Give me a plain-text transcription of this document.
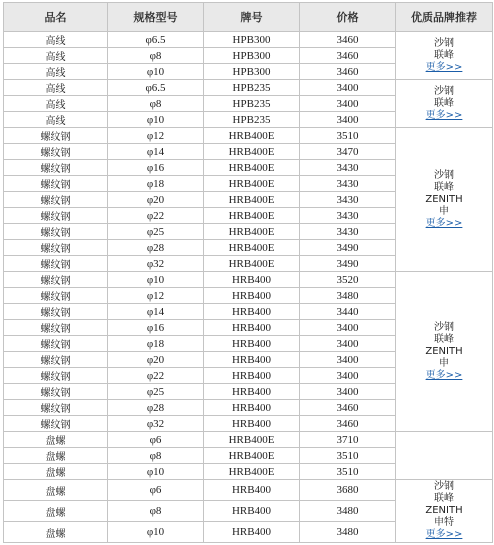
品名	规格型号	牌号	价格	优质品牌推荐
高线	φ6.5	HPB300	3460	沙钢
联峰
更多>>

高线	φ8	HPB300	3460	
高线	φ10	HPB300	3460	
高线	φ6.5	HPB235	3400	沙钢
联峰
更多>>

高线	φ8	HPB235	3400	
高线	φ10	HPB235	3400	
螺纹钢	φ12	HRB400E	3510	沙钢
联峰
ZENITH
申
更多>>

螺纹钢	φ14	HRB400E	3470	
螺纹钢	φ16	HRB400E	3430	
螺纹钢	φ18	HRB400E	3430	
螺纹钢	φ20	HRB400E	3430	
螺纹钢	φ22	HRB400E	3430	
螺纹钢	φ25	HRB400E	3430	
螺纹钢	φ28	HRB400E	3490	
螺纹钢	φ32	HRB400E	3490	
螺纹钢	φ10	HRB400	3520	沙钢
联峰
ZENITH
申
更多>>

螺纹钢	φ12	HRB400	3480	
螺纹钢	φ14	HRB400	3440	
螺纹钢	φ16	HRB400	3400	
螺纹钢	φ18	HRB400	3400	
螺纹钢	φ20	HRB400	3400	
螺纹钢	φ22	HRB400	3400	
螺纹钢	φ25	HRB400	3400	
螺纹钢	φ28	HRB400	3460	
螺纹钢	φ32	HRB400	3460	
盘螺	φ6	HRB400E	3710	
盘螺	φ8	HRB400E	3510	
盘螺	φ10	HRB400E	3510	
盘螺	φ6	HRB400	3680	沙钢
联峰
ZENITH
申特
更多>>

盘螺	φ8	HRB400	3480	
盘螺	φ10	HRB400	3480	
